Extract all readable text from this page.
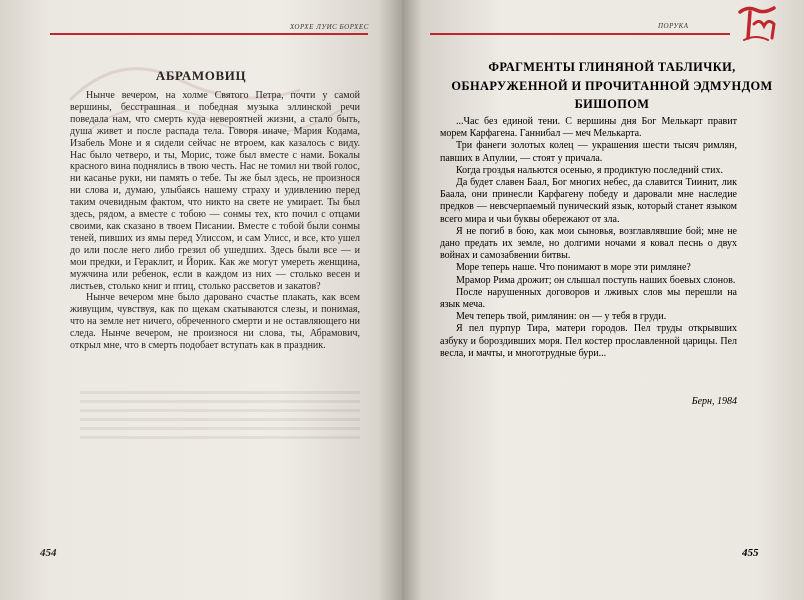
ХОРХЕ ЛУИС БОРХЕС
АБРАМОВИЦ

Нынче вечером, на холме Святого Петра, почти у самой вершины, бесстрашная и победная музыка эллинской речи поведала нам, что смерть куда невероятней жизни, а стало быть, душа живет и после распада тела. Говоря иначе, Мария Кодама, Изабель Моне и я сидели сейчас не втроем, как казалось с виду. Нас было четверо, и ты, Морис, тоже был вместе с нами. Бокалы красного вина поднялись в твою честь. Нас не томил ни твой голос, ни касанье руки, ни память о тебе. Ты же был здесь, не произнося ни слова и, думаю, улыбаясь нашему страху и удивлению перед таким очевидным фактом, что никто на свете не умирает. Ты был здесь, рядом, а вместе с тобою — сонмы тех, кто почил с отцами своими, как сказано в твоем Писании. Вместе с тобой были сонмы теней, пивших из ямы перед Улиссом, и сам Улисс, и все, кто ушел до или после него либо грезил об ушедших. Здесь были все — и мои предки, и Гераклит, и Йорик. Как же могут умереть женщина, мужчина или ребенок, если в каждом из них — столько весен и листьев, столько книг и птиц, столько рассветов и закатов?

Нынче вечером мне было даровано счастье плакать, как всем живущим, чувствуя, как по щекам скатываются слезы, и понимая, что на земле нет ничего, обреченного смерти и не оставляющего ни следа. Нынче вечером, не произнося ни слова, ты, Абрамович, открыл мне, что в смерть подобает вступать как в праздник.

454
ПОРУКА
ФРАГМЕНТЫ ГЛИНЯНОЙ ТАБЛИЧКИ, ОБНАРУЖЕННОЙ И ПРОЧИТАННОЙ ЭДМУНДОМ БИШОПОМ

...Час без единой тени. С вершины дня Бог Мелькарт правит морем Карфагена. Ганнибал — меч Мелькарта.

Три фанеги золотых колец — украшения шести тысяч римлян, павших в Апулии, — стоят у причала.

Когда гроздья нальются осенью, я продиктую последний стих.

Да будет славен Баал, Бог многих небес, да славится Тиинит, лик Баала, они принесли Карфагену победу и даровали мне наследие предков — невсчерпаемый пунический язык, который станет языком всего мира и чьи буквы обережают от зла.

Я не погиб в бою, как мои сыновья, возглавлявшие бой; мне не дано предать их земле, но долгими ночами я ковал песнь о двух войнах и самозабвении битвы.

Море теперь наше. Что понимают в море эти римляне?

Мрамор Рима дрожит; он слышал поступь наших боевых слонов.

После нарушенных договоров и лживых слов мы перешли на язык меча.

Меч теперь твой, римлянин: он — у тебя в груди.

Я пел пурпур Тира, матери городов. Пел труды открывших азбуку и бороздивших моря. Пел костер прославленной царицы. Пел весла, и мачты, и многотрудные бури...

Берн, 1984
455
